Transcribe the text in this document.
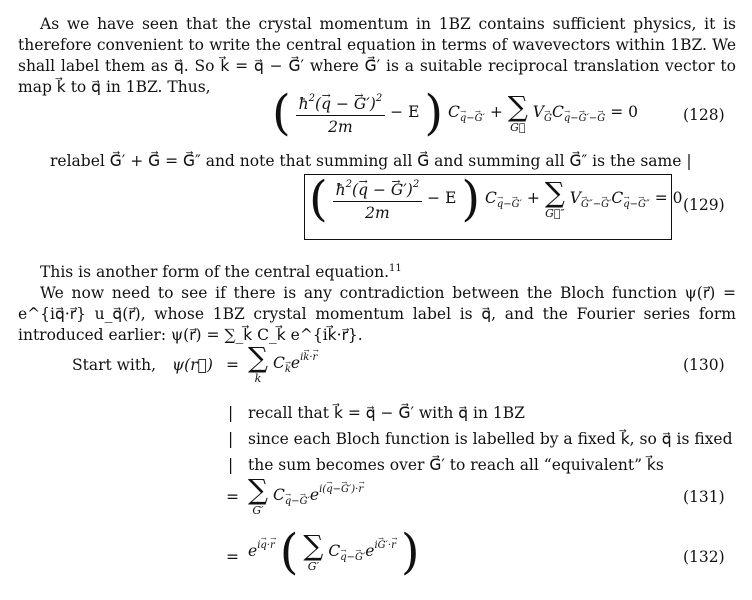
As we have seen that the crystal momentum in 1BZ contains sufficient physics, it is therefore convenient to write the central equation in terms of wavevectors within 1BZ. We shall label them as q⃗. So k⃗ = q⃗ − G⃗′ where G⃗′ is a suitable reciprocal translation vector to map k⃗ to q⃗ in 1BZ. Thus,	( $\frac{ħ^2(\to q - \to G')^2}{2m} - E$ ) C→ $_{q-\to G'}$ + ∑
G⃗
V→ $_G$C→ $_{q-\to G'-\to G}$ = 0	(128)
relabel G⃗′ + G⃗ = G⃗″ and note that summing all G⃗ and summing all G⃗″ is the same |
( $\frac{ħ^2(\to q - \to G')^2}{2m} - E$ ) C→ $_{q-\to G'}$ + ∑
G⃗″
V→ $_{G''-\to G'}$C→ $_{q-\to G''}$ = 0 (129)

This is another form of the central equation.$^{11}$

We now need to see if there is any contradiction between the Bloch function ψ(r⃗) = e^{iq⃗·r⃗} u_q⃗(r⃗), whose 1BZ crystal momentum label is q⃗, and the Fourier series form introduced earlier: ψ(r⃗) = ∑_k⃗ C_k⃗ e^{ik⃗·r⃗}.

Start with, ψ(r⃗) = ∑
→ k
$C\to _ke^{i\to k\cdot\to r}$	(130)
| recall that k⃗ = q⃗ − G⃗′ with q⃗ in 1BZ
| since each Bloch function is labelled by a fixed k⃗, so q⃗ is fixed
| the sum becomes over G⃗′ to reach all “equivalent” k⃗s
= ∑
→ G′
$C\to _{q-\to G'}e^{i(\to q-\to G')\cdot\to r}$	(131)
= $e^{i\to q\cdot\to r}$ ( ∑
→ G′
$C\to _{q-\to G'}e^{i\to G'\cdot\to r}$ )	(132)
